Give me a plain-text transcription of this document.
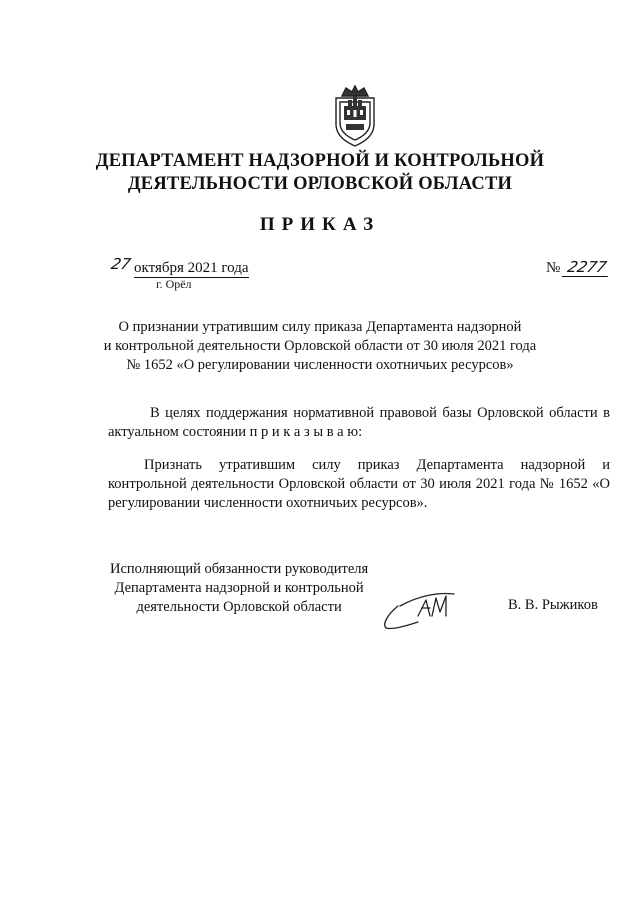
ДЕПАРТАМЕНТ НАДЗОРНОЙ И КОНТРОЛЬНОЙ
ДЕЯТЕЛЬНОСТИ ОРЛОВСКОЙ ОБЛАСТИ
ПРИКАЗ
27 октября 2021 года
г. Орёл
№ 2277
О признании утратившим силу приказа Департамента надзорной
и контрольной деятельности Орловской области от 30 июля 2021 года
№ 1652 «О регулировании численности охотничьих ресурсов»
В целях поддержания нормативной правовой базы Орловской области в актуальном состоянии п р и к а з ы в а ю:
Признать утратившим силу приказ Департамента надзорной и контрольной деятельности Орловской области от 30 июля 2021 года № 1652 «О регулировании численности охотничьих ресурсов».
Исполняющий обязанности руководителя
Департамента надзорной и контрольной
деятельности Орловской области	В. В. Рыжиков
